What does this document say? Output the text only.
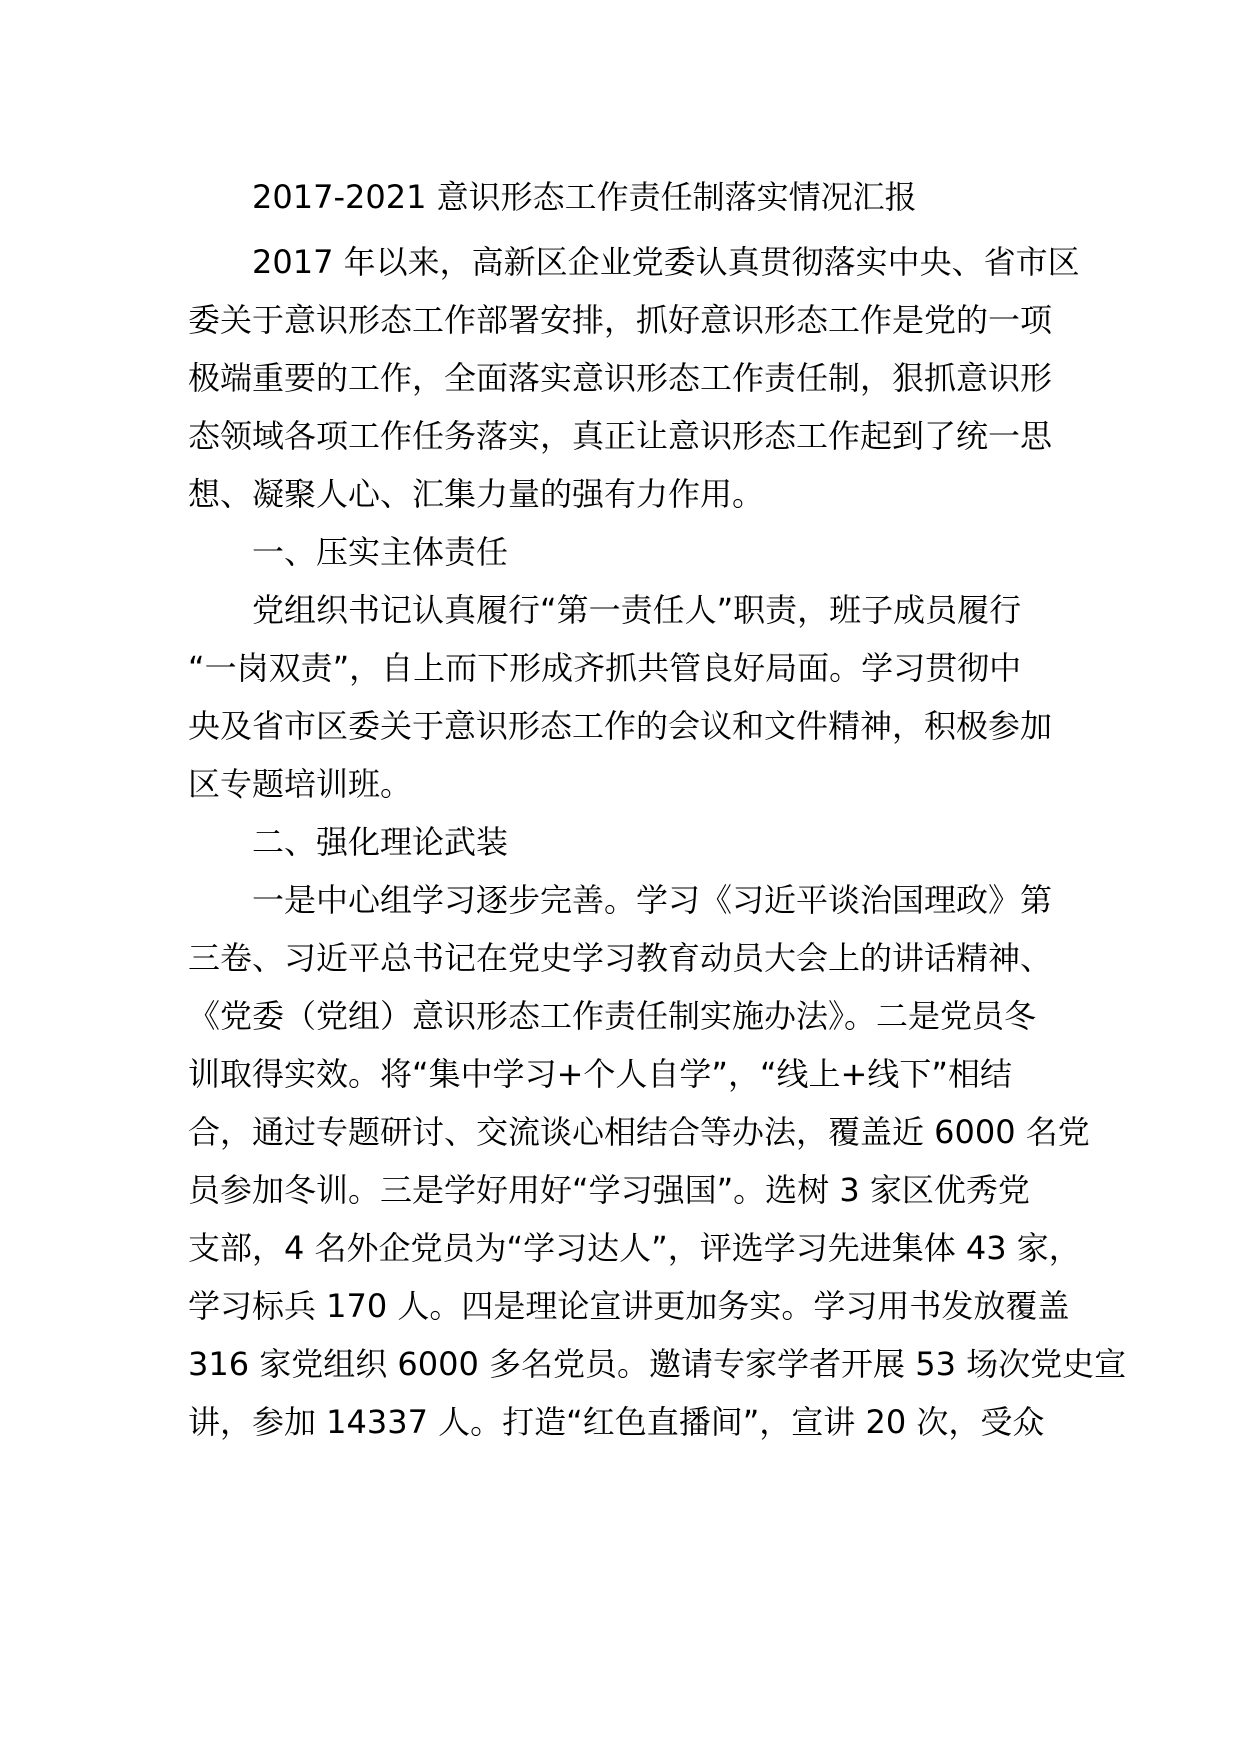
2017-2021 意识形态工作责任制落实情况汇报
2017 年以来，高新区企业党委认真贯彻落实中央、省市区
委关于意识形态工作部署安排，抓好意识形态工作是党的一项
极端重要的工作，全面落实意识形态工作责任制，狠抓意识形
态领域各项工作任务落实，真正让意识形态工作起到了统一思
想、凝聚人心、汇集力量的强有力作用。
一、压实主体责任
党组织书记认真履行“第一责任人”职责，班子成员履行
“一岗双责”，自上而下形成齐抓共管良好局面。学习贯彻中
央及省市区委关于意识形态工作的会议和文件精神，积极参加
区专题培训班。
二、强化理论武装
一是中心组学习逐步完善。学习《习近平谈治国理政》第
三卷、习近平总书记在党史学习教育动员大会上的讲话精神、
《党委（党组）意识形态工作责任制实施办法》。二是党员冬
训取得实效。将“集中学习+个人自学”，“线上+线下”相结
合，通过专题研讨、交流谈心相结合等办法，覆盖近 6000 名党
员参加冬训。三是学好用好“学习强国”。选树 3 家区优秀党
支部，4 名外企党员为“学习达人”，评选学习先进集体 43 家，
学习标兵 170 人。四是理论宣讲更加务实。学习用书发放覆盖
316 家党组织 6000 多名党员。邀请专家学者开展 53 场次党史宣
讲，参加 14337 人。打造“红色直播间”，宣讲 20 次，受众
